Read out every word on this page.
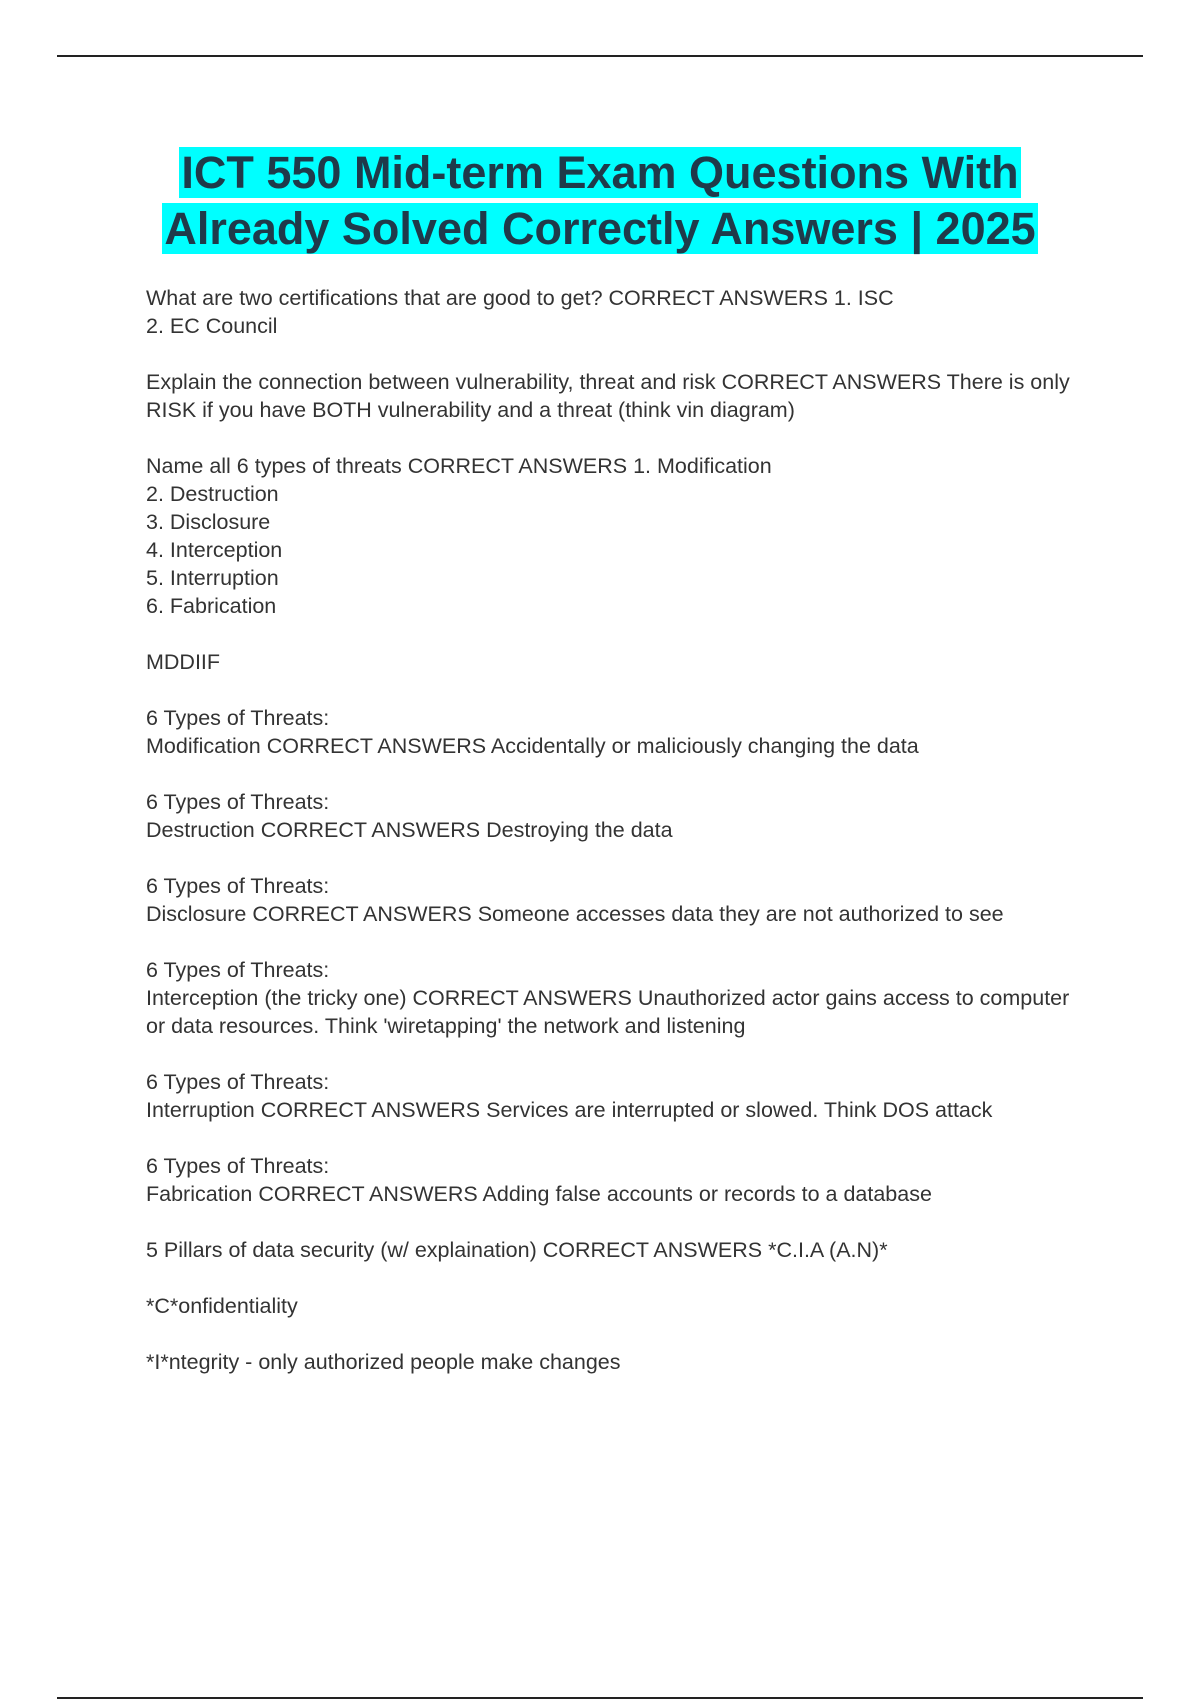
ICT 550 Mid-term Exam Questions With
Already Solved Correctly Answers | 2025

What are two certifications that are good to get? CORRECT ANSWERS 1. ISC
2. EC Council

Explain the connection between vulnerability, threat and risk CORRECT ANSWERS There is only RISK if you have BOTH vulnerability and a threat (think vin diagram)

Name all 6 types of threats CORRECT ANSWERS 1. Modification
2. Destruction
3. Disclosure
4. Interception
5. Interruption
6. Fabrication

MDDIIF

6 Types of Threats:
Modification CORRECT ANSWERS Accidentally or maliciously changing the data

6 Types of Threats:
Destruction CORRECT ANSWERS Destroying the data

6 Types of Threats:
Disclosure CORRECT ANSWERS Someone accesses data they are not authorized to see

6 Types of Threats:
Interception (the tricky one) CORRECT ANSWERS Unauthorized actor gains access to computer or data resources. Think 'wiretapping' the network and listening

6 Types of Threats:
Interruption CORRECT ANSWERS Services are interrupted or slowed. Think DOS attack

6 Types of Threats:
Fabrication CORRECT ANSWERS Adding false accounts or records to a database

5 Pillars of data security (w/ explaination) CORRECT ANSWERS *C.I.A (A.N)*

*C*onfidentiality

*I*ntegrity - only authorized people make changes
